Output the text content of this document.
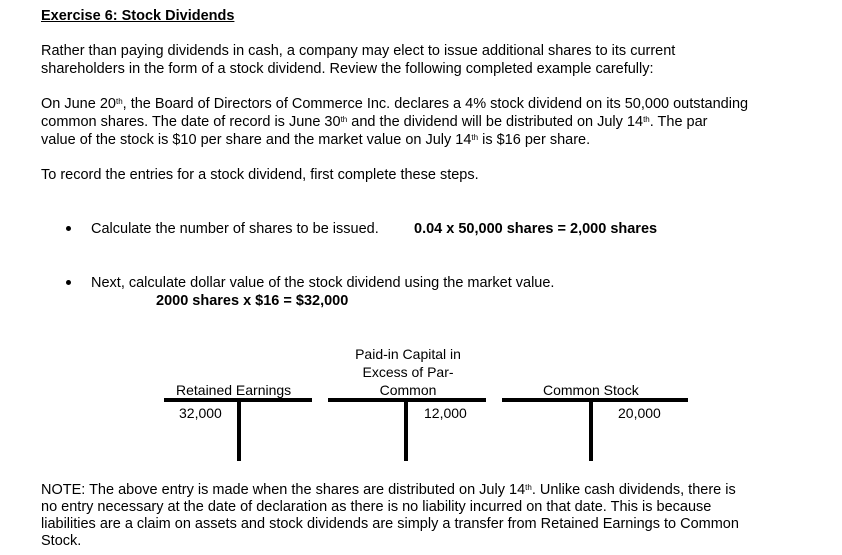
Exercise 6: Stock Dividends
Rather than paying dividends in cash, a company may elect to issue additional shares to its current
shareholders in the form of a stock dividend. Review the following completed example carefully:
On June 20th, the Board of Directors of Commerce Inc. declares a 4% stock dividend on its 50,000 outstanding
common shares. The date of record is June 30th and the dividend will be distributed on July 14th. The par
value of the stock is $10 per share and the market value on July 14th is $16 per share.
To record the entries for a stock dividend, first complete these steps.
Calculate the number of shares to be issued. 0.04 x 50,000 shares = 2,000 shares
Next, calculate dollar value of the stock dividend using the market value.
2000 shares x $16 = $32,000
Retained Earnings
32,000
Paid-in Capital in
Excess of Par-
Common
12,000
Common Stock
20,000
NOTE: The above entry is made when the shares are distributed on July 14th. Unlike cash dividends, there is
no entry necessary at the date of declaration as there is no liability incurred on that date. This is because
liabilities are a claim on assets and stock dividends are simply a transfer from Retained Earnings to Common
Stock.
